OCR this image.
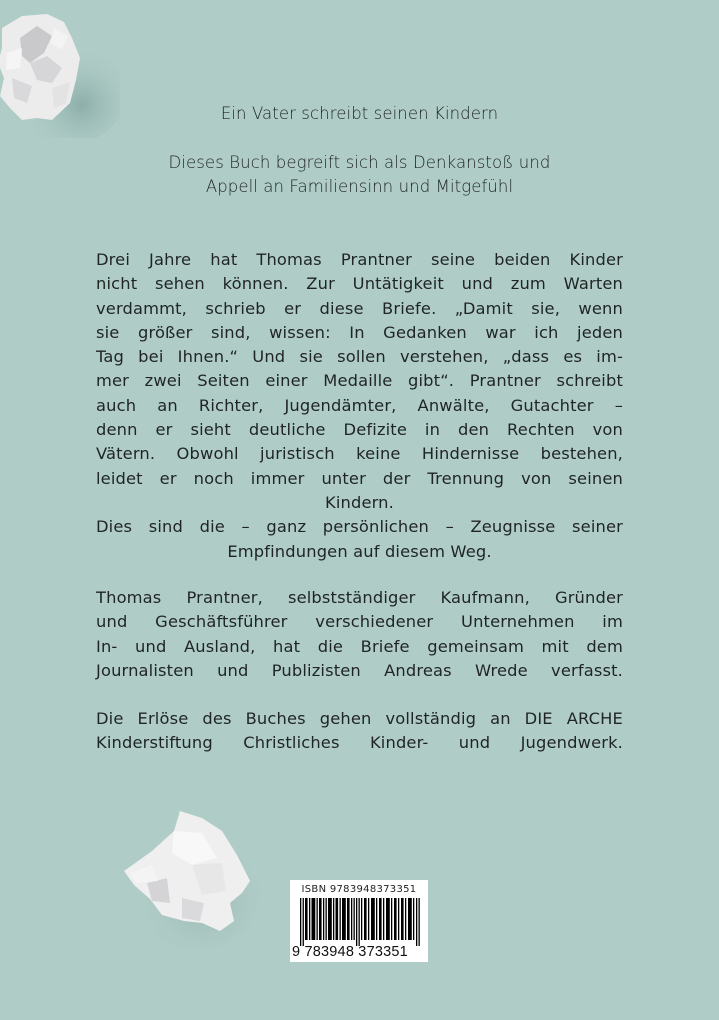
Ein Vater schreibt seinen Kindern
Dieses Buch begreift sich als Denkanstoß und
Appell an Familiensinn und Mitgefühl
Drei Jahre hat Thomas Prantner seine beiden Kinder
nicht sehen können. Zur Untätigkeit und zum Warten
verdammt, schrieb er diese Briefe. „Damit sie, wenn
sie größer sind, wissen: In Gedanken war ich jeden
Tag bei Ihnen.“ Und sie sollen verstehen, „dass es im-
mer zwei Seiten einer Medaille gibt“. Prantner schreibt
auch an Richter, Jugendämter, Anwälte, Gutachter –
denn er sieht deutliche Defizite in den Rechten von
Vätern. Obwohl juristisch keine Hindernisse bestehen,
leidet er noch immer unter der Trennung von seinen
Kindern.
Dies sind die – ganz persönlichen – Zeugnisse seiner
Empfindungen auf diesem Weg.
Thomas Prantner, selbstständiger Kaufmann, Gründer
und Geschäftsführer verschiedener Unternehmen im
In- und Ausland, hat die Briefe gemeinsam mit dem
Journalisten und Publizisten Andreas Wrede verfasst.
Die Erlöse des Buches gehen vollständig an DIE ARCHE
Kinderstiftung Christliches Kinder- und Jugendwerk.
ISBN 9783948373351
9 783948 373351
